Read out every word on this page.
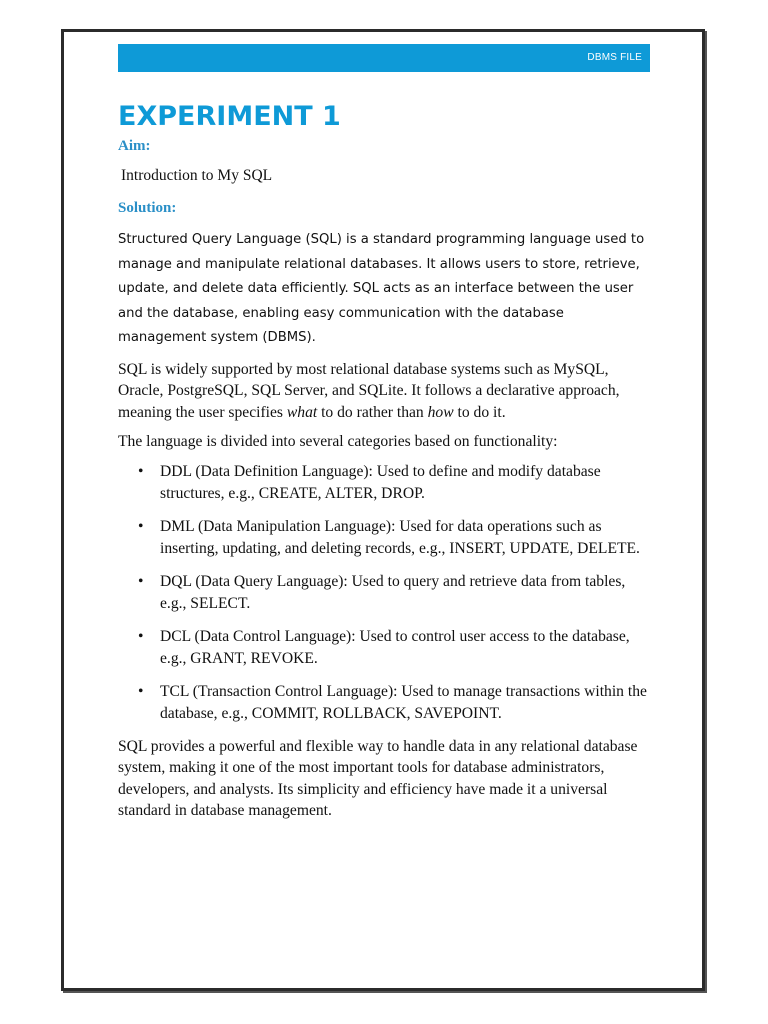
DBMS FILE
EXPERIMENT 1
Aim:

Introduction to My SQL

Solution:

Structured Query Language (SQL) is a standard programming language used to manage and manipulate relational databases. It allows users to store, retrieve, update, and delete data efficiently. SQL acts as an interface between the user and the database, enabling easy communication with the database management system (DBMS).

SQL is widely supported by most relational database systems such as MySQL, Oracle, PostgreSQL, SQL Server, and SQLite. It follows a declarative approach, meaning the user specifies what to do rather than how to do it.

The language is divided into several categories based on functionality:

• DDL (Data Definition Language): Used to define and modify database structures, e.g., CREATE, ALTER, DROP.
• DML (Data Manipulation Language): Used for data operations such as inserting, updating, and deleting records, e.g., INSERT, UPDATE, DELETE.
• DQL (Data Query Language): Used to query and retrieve data from tables, e.g., SELECT.
• DCL (Data Control Language): Used to control user access to the database, e.g., GRANT, REVOKE.
• TCL (Transaction Control Language): Used to manage transactions within the database, e.g., COMMIT, ROLLBACK, SAVEPOINT.

SQL provides a powerful and flexible way to handle data in any relational database system, making it one of the most important tools for database administrators, developers, and analysts. Its simplicity and efficiency have made it a universal standard in database management.
